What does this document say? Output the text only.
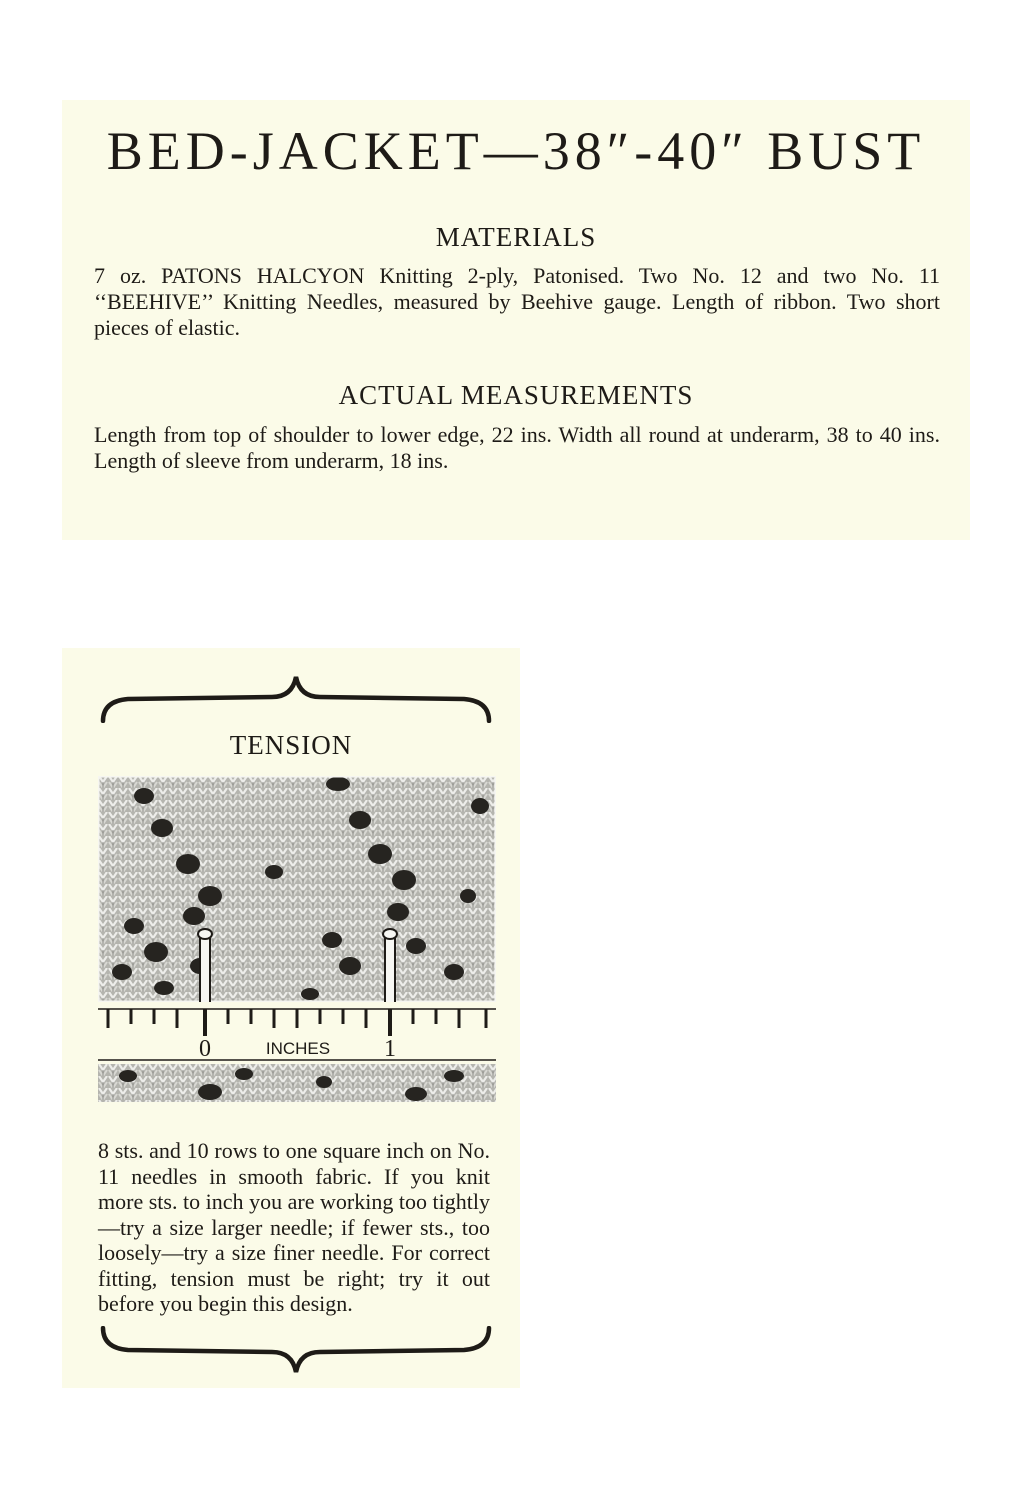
BED-JACKET—38″-40″ BUST
MATERIALS

7 oz. PATONS HALCYON Knitting 2-ply, Patonised. Two No. 12 and two No. 11 ‘‘BEEHIVE’’ Knitting Needles, measured by Beehive gauge. Length of ribbon. Two short pieces of elastic.

ACTUAL MEASUREMENTS

Length from top of shoulder to lower edge, 22 ins. Width all round at underarm, 38 to 40 ins. Length of sleeve from underarm, 18 ins.

TENSION
0	INCHES 1

8 sts. and 10 rows to one square inch on No. 11 needles in smooth fabric. If you knit more sts. to inch you are working too tightly—try a size larger needle; if fewer sts., too loosely—try a size finer needle. For correct fitting, tension must be right; try it out before you begin this design.
